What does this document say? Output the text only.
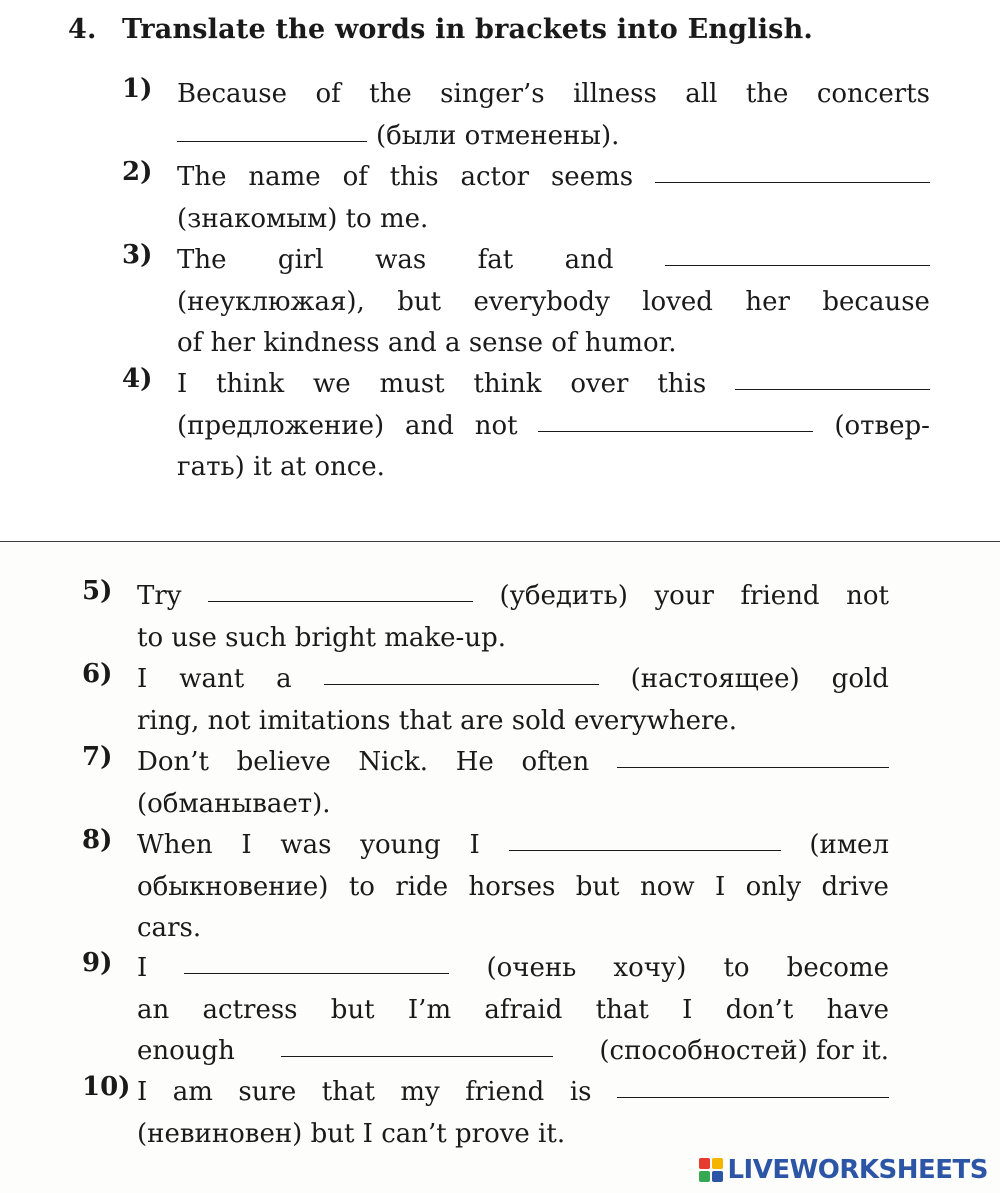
4. Translate the words in brackets into English.
1) Because of the singer’s illness all the concerts
(были отменены).
2) The name of this actor seems
(знакомым) to me.
3) The girl was fat and
(неуклюжая), but everybody loved her because
of her kindness and a sense of humor.
4) I think we must think over this
(предложение) and not	(отвер-
гать) it at once.
5) Try	(убедить) your friend not
to use such bright make-up.
6) I want a	(настоящее) gold
ring, not imitations that are sold everywhere.
7) Don’t believe Nick. He often
(обманывает).
8) When I was young I	(имел
обыкновение) to ride horses but now I only drive
cars.
9) I	(очень хочу) to become
an actress but I’m afraid that I don’t have
enough	(способностей) for it.
10) I am sure that my friend is
(невиновен) but I can’t prove it.
LIVEWORKSHEETS
